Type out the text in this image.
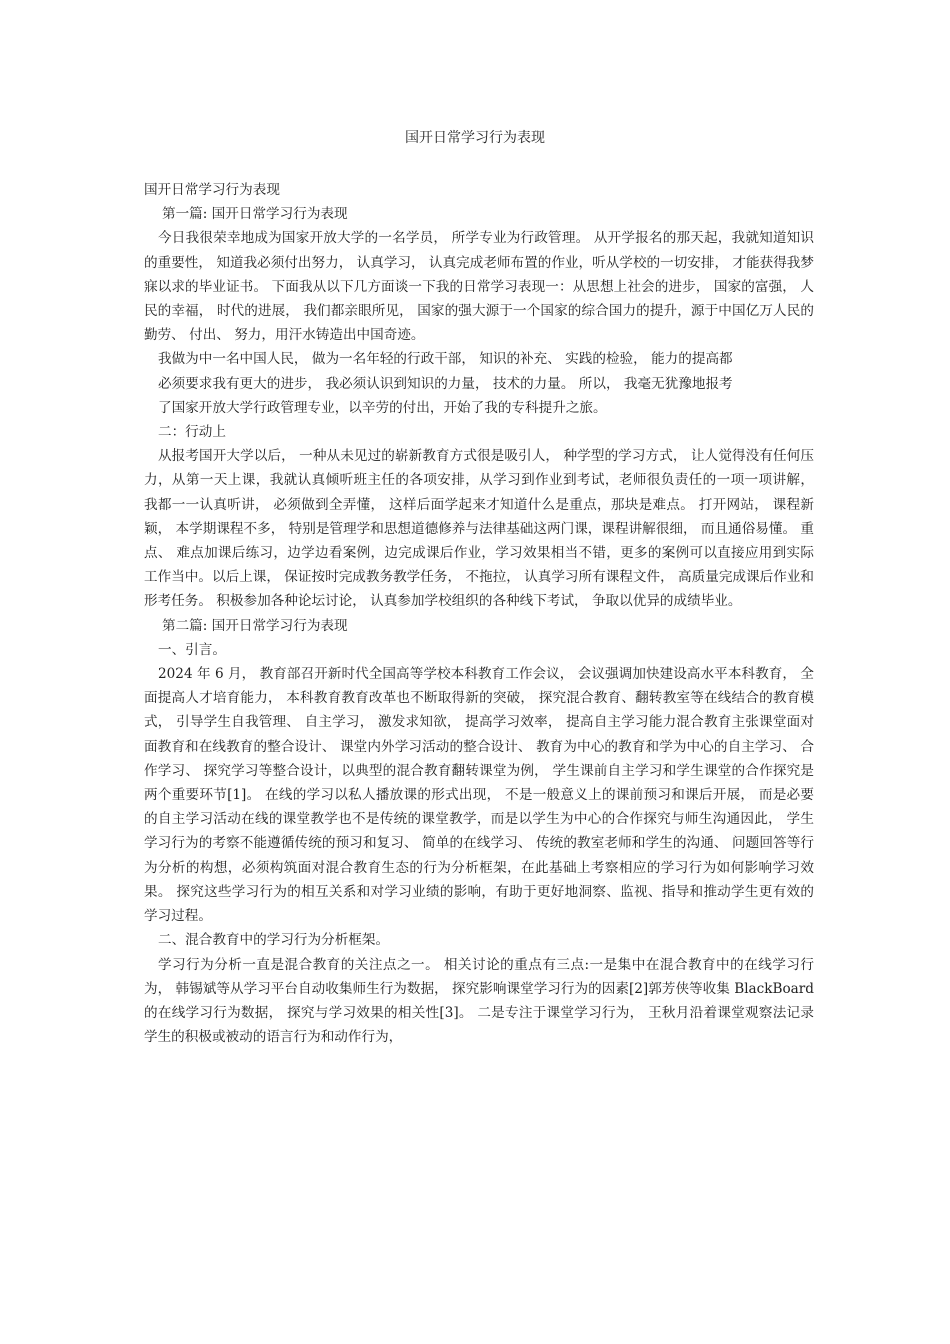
国开日常学习行为表现

国开日常学习行为表现

第一篇: 国开日常学习行为表现

今日我很荣幸地成为国家开放大学的一名学员， 所学专业为行政管理。 从开学报名的那天起，我就知道知识的重要性， 知道我必须付出努力， 认真学习， 认真完成老师布置的作业，听从学校的一切安排， 才能获得我梦寐以求的毕业证书。 下面我从以下几方面谈一下我的日常学习表现一：从思想上社会的进步， 国家的富强， 人民的幸福， 时代的进展， 我们都亲眼所见， 国家的强大源于一个国家的综合国力的提升，源于中国亿万人民的勤劳、 付出、 努力，用汗水铸造出中国奇迹。

我做为中一名中国人民， 做为一名年轻的行政干部， 知识的补充、 实践的检验， 能力的提高都

必须要求我有更大的进步， 我必须认识到知识的力量， 技术的力量。 所以， 我毫无犹豫地报考

了国家开放大学行政管理专业，以辛劳的付出，开始了我的专科提升之旅。

二：行动上

从报考国开大学以后， 一种从未见过的崭新教育方式很是吸引人， 种学型的学习方式， 让人觉得没有任何压力，从第一天上课，我就认真倾听班主任的各项安排，从学习到作业到考试，老师很负责任的一项一项讲解， 我都一一认真听讲， 必须做到全弄懂， 这样后面学起来才知道什么是重点，那块是难点。 打开网站， 课程新颖， 本学期课程不多， 特别是管理学和思想道德修养与法律基础这两门课，课程讲解很细， 而且通俗易懂。 重点、 难点加课后练习，边学边看案例，边完成课后作业，学习效果相当不错，更多的案例可以直接应用到实际工作当中。以后上课， 保证按时完成教务教学任务， 不拖拉， 认真学习所有课程文件， 高质量完成课后作业和形考任务。 积极参加各种论坛讨论， 认真参加学校组织的各种线下考试， 争取以优异的成绩毕业。

第二篇: 国开日常学习行为表现

一、引言。

2024 年 6 月， 教育部召开新时代全国高等学校本科教育工作会议， 会议强调加快建设高水平本科教育， 全面提高人才培育能力， 本科教育教育改革也不断取得新的突破， 探究混合教育、翻转教室等在线结合的教育模式， 引导学生自我管理、 自主学习， 激发求知欲， 提高学习效率， 提高自主学习能力混合教育主张课堂面对面教育和在线教育的整合设计、 课堂内外学习活动的整合设计、 教育为中心的教育和学为中心的自主学习、 合作学习、 探究学习等整合设计，以典型的混合教育翻转课堂为例， 学生课前自主学习和学生课堂的合作探究是两个重要环节[1]。 在线的学习以私人播放课的形式出现， 不是一般意义上的课前预习和课后开展， 而是必要的自主学习活动在线的课堂教学也不是传统的课堂教学，而是以学生为中心的合作探究与师生沟通因此， 学生学习行为的考察不能遵循传统的预习和复习、 简单的在线学习、 传统的教室老师和学生的沟通、 问题回答等行为分析的构想，必须构筑面对混合教育生态的行为分析框架，在此基础上考察相应的学习行为如何影响学习效果。 探究这些学习行为的相互关系和对学习业绩的影响，有助于更好地洞察、监视、指导和推动学生更有效的学习过程。

二、混合教育中的学习行为分析框架。

学习行为分析一直是混合教育的关注点之一。 相关讨论的重点有三点:一是集中在混合教育中的在线学习行为， 韩锡斌等从学习平台自动收集师生行为数据， 探究影响课堂学习行为的因素[2]郭芳侠等收集 BlackBoard 的在线学习行为数据， 探究与学习效果的相关性[3]。 二是专注于课堂学习行为， 王秋月沿着课堂观察法记录学生的积极或被动的语言行为和动作行为，
